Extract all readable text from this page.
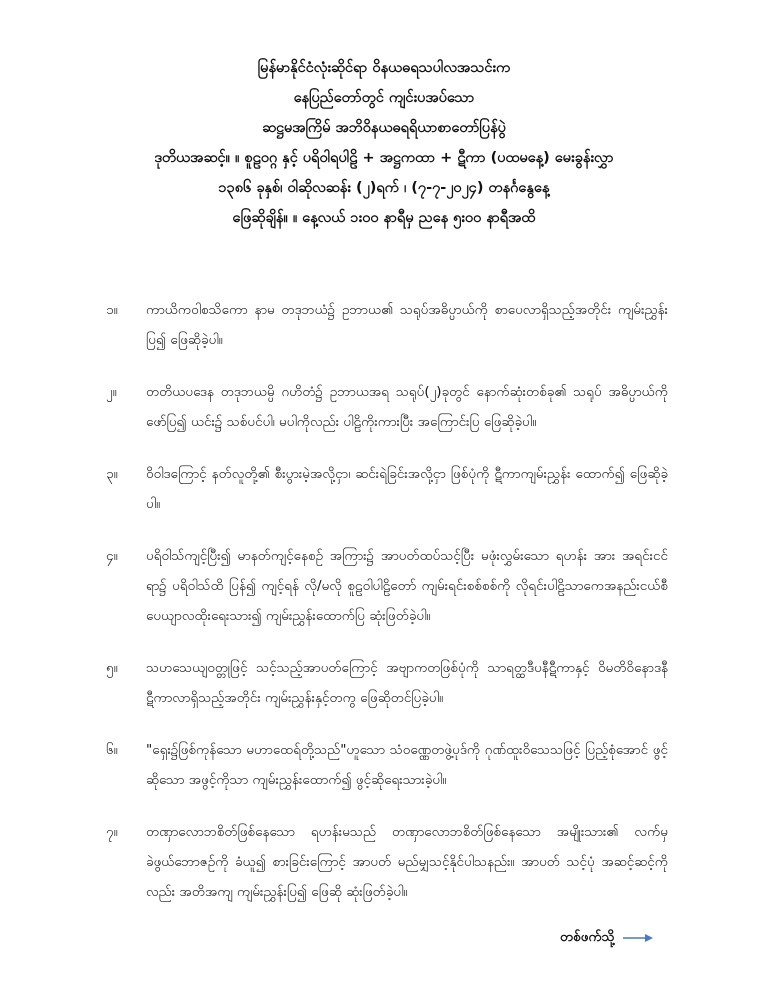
မြန်မာနိုင်ငံလုံးဆိုင်ရာ ဝိနယဓရသပါလအသင်းက
နေပြည်တော်တွင် ကျင်းပအပ်သော
ဆဋ္ဌမအကြိမ် အဘိဝိနယဓရရိယာစာတော်ပြန်ပွဲ
ဒုတိယအဆင့်။ ။ စူဠဝဂ္ဂ နှင့် ပရိဝါရပါဠိ + အဋ္ဌကထာ + ဋီကာ (ပထမနေ့) မေးခွန်းလွှာ
၁၃၈၆ ခုနှစ်၊ ဝါဆိုလဆန်း (၂)ရက် ၊ (၇-၇-၂၀၂၄) တနင်္ဂနွေနေ့
ဖြေဆိုချိန်။ ။ နေ့လယ် ၁း၀၀ နာရီမှ ညနေ ၅း၀၀ နာရီအထိ
၁။	ကာယိကဝါစသိကော နာမ တဒုဘယံ၌ ဥဘာယ၏ သရုပ်အဓိပ္ပာယ်ကို စာပေလာရှိသည့်အတိုင်း ကျမ်းညွှန်းပြ၍ ဖြေဆိုခဲ့ပါ။
၂။	တတိယပဒေန တဒုဘယမ္ပိ ဂဟိတံ၌ ဥဘာယအရ သရုပ်(၂)ခုတွင် နောက်ဆုံးတစ်ခု၏ သရုပ် အဓိပ္ပာယ်ကိုဖော်ပြ၍ ယင်း၌ သစ်ပင်ပါ၊ မပါကိုလည်း ပါဠိကိုးကားပြီး အကြောင်းပြ ဖြေဆိုခဲ့ပါ။
၃။	ဝိဝါဒကြောင့် နတ်လူတို့၏ စီးပွားမဲ့အလို့ငှာ၊ ဆင်းရဲခြင်းအလို့ငှာ ဖြစ်ပုံကို ဋီကာကျမ်းညွှန်း ထောက်၍ ဖြေဆိုခဲ့ပါ။
၄။	ပရိဝါသ်ကျင့်ပြီး၍ မာနတ်ကျင့်နေစဉ် အကြား၌ အာပတ်ထပ်သင့်ပြီး မဖုံးလွှမ်းသော ရဟန်း အား အရင်းငင်ရာ၌ ပရိဝါသ်ထိ ပြန်၍ ကျင့်ရန် လို/မလို စူဠဝါပါဠိတော် ကျမ်းရင်းစစ်စစ်ကို လိုရင်းပါဠိသာကေအနည်းငယ်စီ ပေယျာလထိုးရေးသား၍ ကျမ်းညွှန်းထောက်ပြ ဆုံးဖြတ်ခဲ့ပါ။
၅။	သဟသေယျဝတ္တုဖြင့် သင့်သည့်အာပတ်ကြောင့် အဗျာကတဖြစ်ပုံကို သာရတ္ထဒီပနီဋီကာနှင့် ဝိမတိဝိနောဒနီဋီကာလာရှိသည့်အတိုင်း ကျမ်းညွှန်းနှင့်တကွ ဖြေဆိုတင်ပြခဲ့ပါ။
၆။	"ရှေး၌ဖြစ်ကုန်သော မဟာထေရ်တို့သည်"ဟူသော သံဝဏ္ဏေတဖွဲ့ပုဒ်ကို ဂုဏ်ထူးဝိသေသဖြင့် ပြည့်စုံအောင် ဖွင့်ဆိုသော အဖွင့်ကိုသာ ကျမ်းညွှန်းထောက်၍ ဖွင့်ဆိုရေးသားခဲ့ပါ။
၇။	တဏှာလောဘစိတ်ဖြစ်နေသော ရဟန်းမသည် တဏှာလောဘစိတ်ဖြစ်နေသော အမျိုးသား၏ လက်မှ ခဲဖွယ်ဘောဇဉ်ကို ခံယူ၍ စားခြင်းကြောင့် အာပတ် မည်မျှသင့်နိုင်ပါသနည်း။ အာပတ် သင့်ပုံ အဆင့်ဆင့်ကိုလည်း အတိအကျ ကျမ်းညွှန်းပြ၍ ဖြေဆို ဆုံးဖြတ်ခဲ့ပါ။
တစ်ဖက်သို့
